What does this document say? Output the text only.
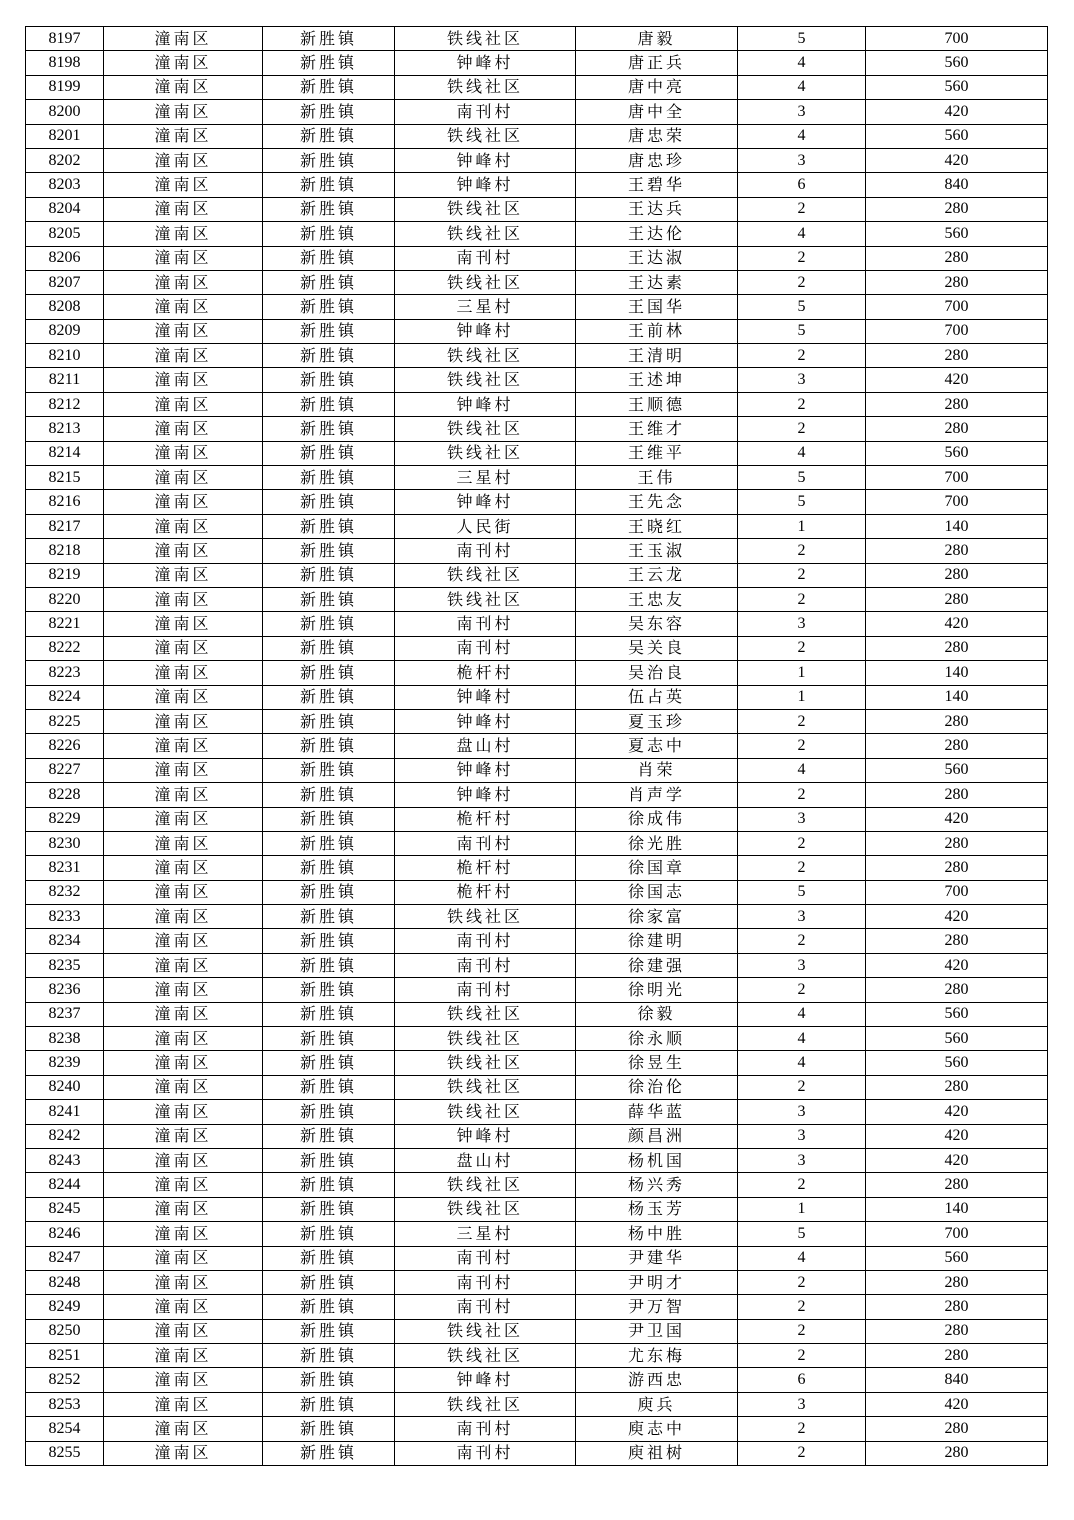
8197	潼南区	新胜镇	铁线社区	唐毅	5	700
8198	潼南区	新胜镇	钟峰村	唐正兵	4	560
8199	潼南区	新胜镇	铁线社区	唐中亮	4	560
8200	潼南区	新胜镇	南刊村	唐中全	3	420
8201	潼南区	新胜镇	铁线社区	唐忠荣	4	560
8202	潼南区	新胜镇	钟峰村	唐忠珍	3	420
8203	潼南区	新胜镇	钟峰村	王碧华	6	840
8204	潼南区	新胜镇	铁线社区	王达兵	2	280
8205	潼南区	新胜镇	铁线社区	王达伦	4	560
8206	潼南区	新胜镇	南刊村	王达淑	2	280
8207	潼南区	新胜镇	铁线社区	王达素	2	280
8208	潼南区	新胜镇	三星村	王国华	5	700
8209	潼南区	新胜镇	钟峰村	王前林	5	700
8210	潼南区	新胜镇	铁线社区	王清明	2	280
8211	潼南区	新胜镇	铁线社区	王述坤	3	420
8212	潼南区	新胜镇	钟峰村	王顺德	2	280
8213	潼南区	新胜镇	铁线社区	王维才	2	280
8214	潼南区	新胜镇	铁线社区	王维平	4	560
8215	潼南区	新胜镇	三星村	王伟	5	700
8216	潼南区	新胜镇	钟峰村	王先念	5	700
8217	潼南区	新胜镇	人民街	王晓红	1	140
8218	潼南区	新胜镇	南刊村	王玉淑	2	280
8219	潼南区	新胜镇	铁线社区	王云龙	2	280
8220	潼南区	新胜镇	铁线社区	王忠友	2	280
8221	潼南区	新胜镇	南刊村	吴东容	3	420
8222	潼南区	新胜镇	南刊村	吴关良	2	280
8223	潼南区	新胜镇	桅杆村	吴治良	1	140
8224	潼南区	新胜镇	钟峰村	伍占英	1	140
8225	潼南区	新胜镇	钟峰村	夏玉珍	2	280
8226	潼南区	新胜镇	盘山村	夏志中	2	280
8227	潼南区	新胜镇	钟峰村	肖荣	4	560
8228	潼南区	新胜镇	钟峰村	肖声学	2	280
8229	潼南区	新胜镇	桅杆村	徐成伟	3	420
8230	潼南区	新胜镇	南刊村	徐光胜	2	280
8231	潼南区	新胜镇	桅杆村	徐国章	2	280
8232	潼南区	新胜镇	桅杆村	徐国志	5	700
8233	潼南区	新胜镇	铁线社区	徐家富	3	420
8234	潼南区	新胜镇	南刊村	徐建明	2	280
8235	潼南区	新胜镇	南刊村	徐建强	3	420
8236	潼南区	新胜镇	南刊村	徐明光	2	280
8237	潼南区	新胜镇	铁线社区	徐毅	4	560
8238	潼南区	新胜镇	铁线社区	徐永顺	4	560
8239	潼南区	新胜镇	铁线社区	徐昱生	4	560
8240	潼南区	新胜镇	铁线社区	徐治伦	2	280
8241	潼南区	新胜镇	铁线社区	薛华蓝	3	420
8242	潼南区	新胜镇	钟峰村	颜昌洲	3	420
8243	潼南区	新胜镇	盘山村	杨机国	3	420
8244	潼南区	新胜镇	铁线社区	杨兴秀	2	280
8245	潼南区	新胜镇	铁线社区	杨玉芳	1	140
8246	潼南区	新胜镇	三星村	杨中胜	5	700
8247	潼南区	新胜镇	南刊村	尹建华	4	560
8248	潼南区	新胜镇	南刊村	尹明才	2	280
8249	潼南区	新胜镇	南刊村	尹万智	2	280
8250	潼南区	新胜镇	铁线社区	尹卫国	2	280
8251	潼南区	新胜镇	铁线社区	尤东梅	2	280
8252	潼南区	新胜镇	钟峰村	游西忠	6	840
8253	潼南区	新胜镇	铁线社区	庾兵	3	420
8254	潼南区	新胜镇	南刊村	庾志中	2	280
8255	潼南区	新胜镇	南刊村	庾祖树	2	280
